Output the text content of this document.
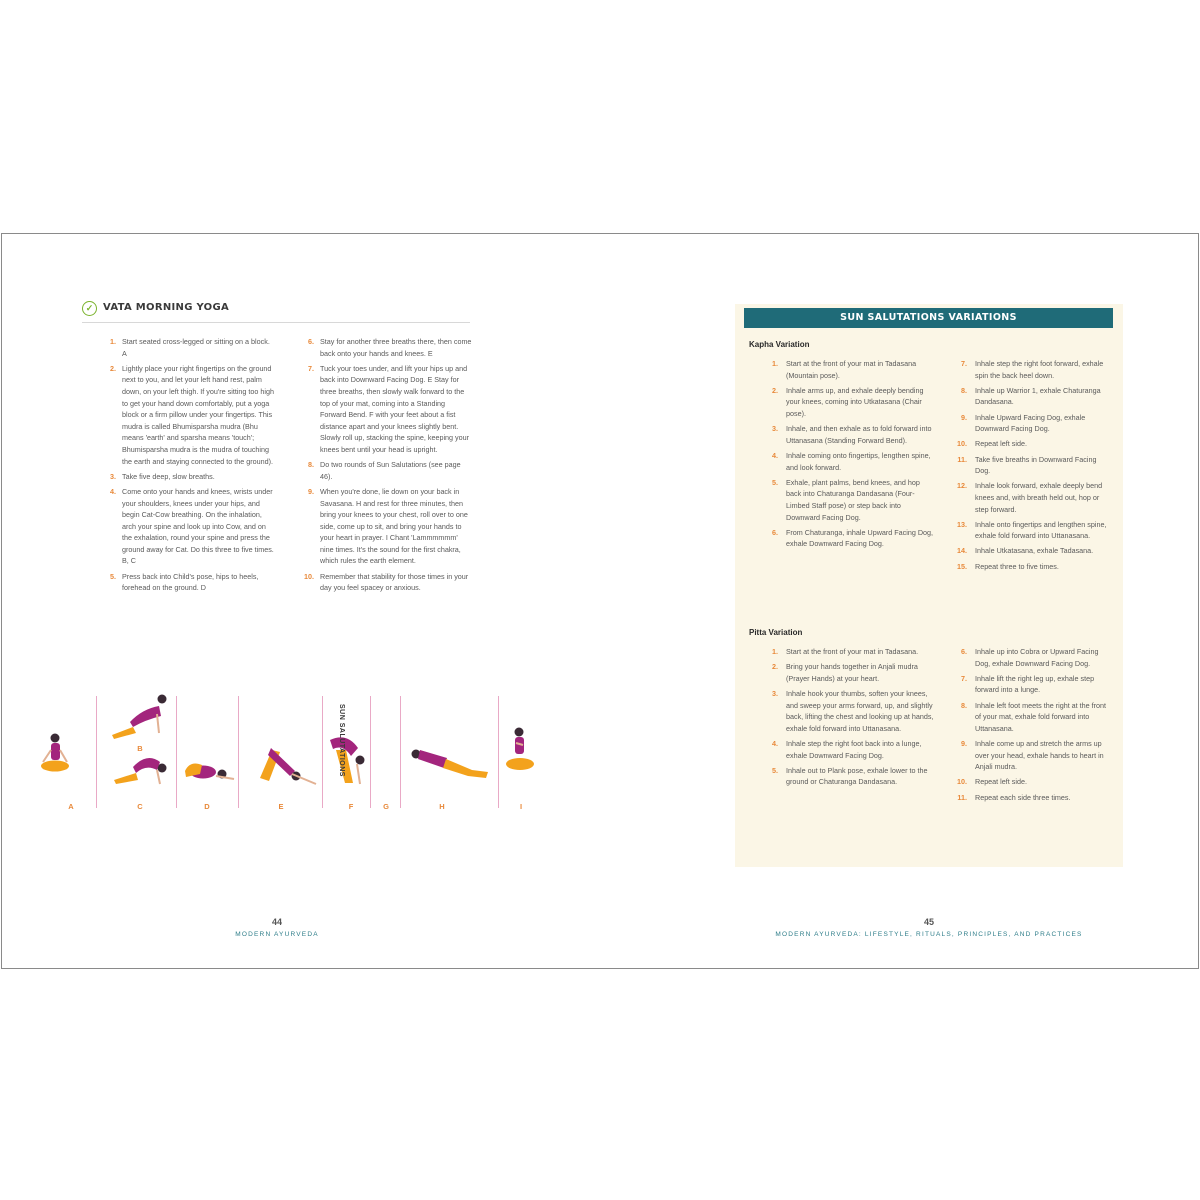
✓ VATA MORNING YOGA
1. Start seated cross-legged or sitting on a block. A
2. Lightly place your right fingertips on the ground next to you, and let your left hand rest, palm down, on your left thigh. If you're sitting too high to get your hand down comfortably, put a yoga block or a firm pillow under your fingertips. This mudra is called Bhumisparsha mudra (Bhu means 'earth' and sparsha means 'touch'; Bhumisparsha mudra is the mudra of touching the earth and staying connected to the ground).
3. Take five deep, slow breaths.
4. Come onto your hands and knees, wrists under your shoulders, knees under your hips, and begin Cat-Cow breathing. On the inhalation, arch your spine and look up into Cow, and on the exhalation, round your spine and press the ground away for Cat. Do this three to five times. B, C
5. Press back into Child's pose, hips to heels, forehead on the ground. D
6. Stay for another three breaths there, then come back onto your hands and knees. E
7. Tuck your toes under, and lift your hips up and back into Downward Facing Dog. E Stay for three breaths, then slowly walk forward to the top of your mat, coming into a Standing Forward Bend. F with your feet about a fist distance apart and your knees slightly bent. Slowly roll up, stacking the spine, keeping your knees bent until your head is upright.
8. Do two rounds of Sun Salutations (see page 46).
9. When you're done, lie down on your back in Savasana. H and rest for three minutes, then bring your knees to your chest, roll over to one side, come up to sit, and bring your hands to your heart in prayer. I Chant 'Lammmmmm' nine times. It's the sound for the first chakra, which rules the earth element.
10. Remember that stability for those times in your day you feel spacey or anxious.
A
B
C	D	E	F	G	H	I
SUN SALUTATIONS
44
MODERN AYURVEDA
SUN SALUTATIONS VARIATIONS
Kapha Variation
1. Start at the front of your mat in Tadasana (Mountain pose).
2. Inhale arms up, and exhale deeply bending your knees, coming into Utkatasana (Chair pose).
3. Inhale, and then exhale as to fold forward into Uttanasana (Standing Forward Bend).
4. Inhale coming onto fingertips, lengthen spine, and look forward.
5. Exhale, plant palms, bend knees, and hop back into Chaturanga Dandasana (Four-Limbed Staff pose) or step back into Downward Facing Dog.
6. From Chaturanga, inhale Upward Facing Dog, exhale Downward Facing Dog.
7. Inhale step the right foot forward, exhale spin the back heel down.
8. Inhale up Warrior 1, exhale Chaturanga Dandasana.
9. Inhale Upward Facing Dog, exhale Downward Facing Dog.
10. Repeat left side.
11. Take five breaths in Downward Facing Dog.
12. Inhale look forward, exhale deeply bend knees and, with breath held out, hop or step forward.
13. Inhale onto fingertips and lengthen spine, exhale fold forward into Uttanasana.
14. Inhale Utkatasana, exhale Tadasana.
15. Repeat three to five times.
Pitta Variation
1. Start at the front of your mat in Tadasana.
2. Bring your hands together in Anjali mudra (Prayer Hands) at your heart.
3. Inhale hook your thumbs, soften your knees, and sweep your arms forward, up, and slightly back, lifting the chest and looking up at hands, exhale fold forward into Uttanasana.
4. Inhale step the right foot back into a lunge, exhale Downward Facing Dog.
5. Inhale out to Plank pose, exhale lower to the ground or Chaturanga Dandasana.
6. Inhale up into Cobra or Upward Facing Dog, exhale Downward Facing Dog.
7. Inhale lift the right leg up, exhale step forward into a lunge.
8. Inhale left foot meets the right at the front of your mat, exhale fold forward into Uttanasana.
9. Inhale come up and stretch the arms up over your head, exhale hands to heart in Anjali mudra.
10. Repeat left side.
11. Repeat each side three times.
45
MODERN AYURVEDA: LIFESTYLE, RITUALS, PRINCIPLES, AND PRACTICES
